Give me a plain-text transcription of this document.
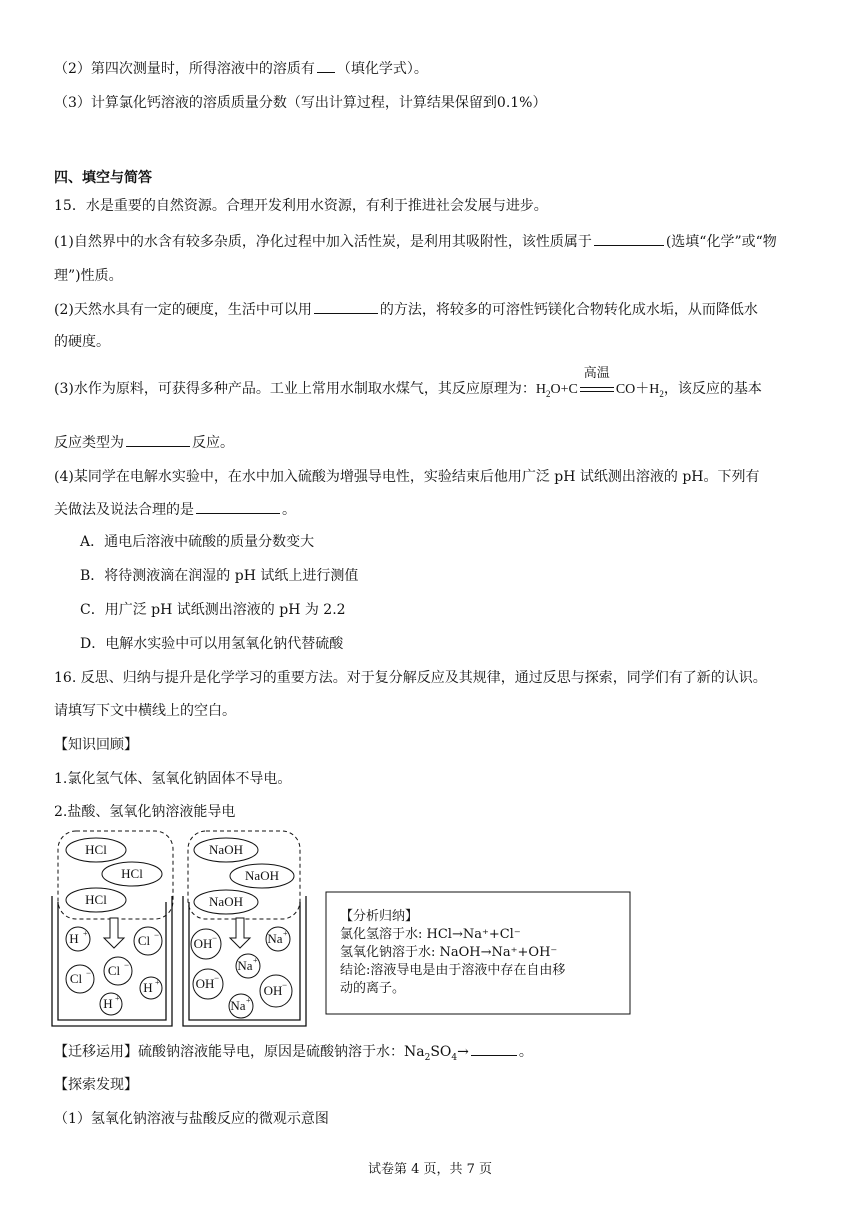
（2）第四次测量时，所得溶液中的溶质有 （填化学式）。
（3）计算氯化钙溶液的溶质质量分数（写出计算过程，计算结果保留到0.1%）
四、填空与简答
15．水是重要的自然资源。合理开发利用水资源，有利于推进社会发展与进步。
(1)自然界中的水含有较多杂质，净化过程中加入活性炭，是利用其吸附性，该性质属于	(选填“化学”或“物
理”)性质。
(2)天然水具有一定的硬度，生活中可以用	的方法，将较多的可溶性钙镁化合物转化成水垢，从而降低水
的硬度。
(3)水作为原料，可获得多种产品。工业上常用水制取水煤气，其反应原理为：$H_2O+C$
高温
$CO+H_2$，该反应的基本
反应类型为	反应。
(4)某同学在电解水实验中，在水中加入硫酸为增强导电性，实验结束后他用广泛 pH 试纸测出溶液的 pH。下列有
关做法及说法合理的是	。
A．通电后溶液中硫酸的质量分数变大
B．将待测液滴在润湿的 pH 试纸上进行测值
C．用广泛 pH 试纸测出溶液的 pH 为 2.2
D．电解水实验中可以用氢氧化钠代替硫酸
16. 反思、归纳与提升是化学学习的重要方法。对于复分解反应及其规律，通过反思与探索，同学们有了新的认识。
请填写下文中横线上的空白。
【知识回顾】
1.氯化氢气体、氢氧化钠固体不导电。
2.盐酸、氢氧化钠溶液能导电
HCl
HCl
HCl
H +	Cl −
Cl − Cl −
H +
H +
NaOH
NaOH
NaOH
OH −	Na +
Na +
OH −
OH −
Na +
【分析归纳】
氯化氢溶于水: HCl→Na⁺+Cl⁻
氢氧化钠溶于水: NaOH→Na⁺+OH⁻
结论:溶液导电是由于溶液中存在自由移
动的离子。
【迁移运用】硫酸钠溶液能导电，原因是硫酸钠溶于水：$Na_2SO_4\to$	。
【探索发现】
（1）氢氧化钠溶液与盐酸反应的微观示意图
试卷第 4 页，共 7 页
